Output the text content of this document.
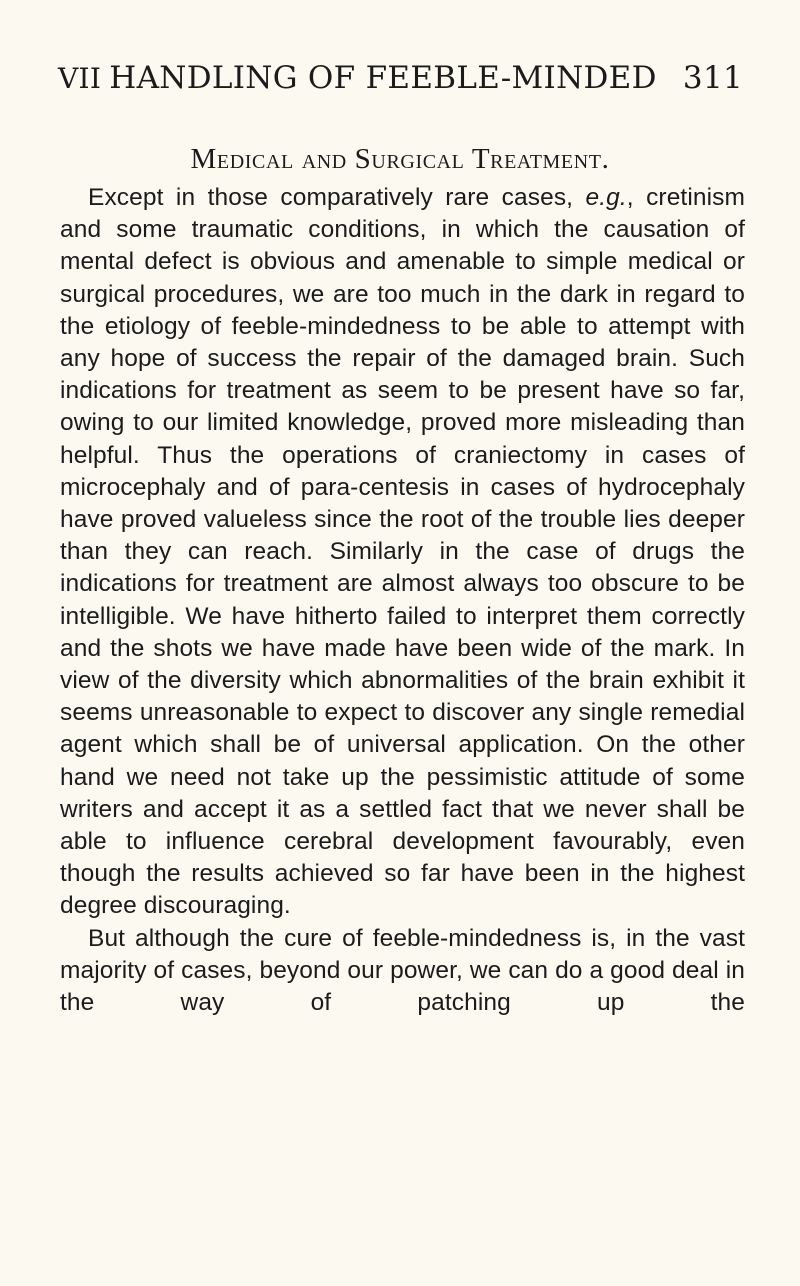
VII HANDLING OF FEEBLE-MINDED 311
Medical and Surgical Treatment.

Except in those comparatively rare cases, e.g., cretinism and some traumatic conditions, in which the causation of mental defect is obvious and amenable to simple medical or surgical procedures, we are too much in the dark in regard to the etiology of feeble-mindedness to be able to attempt with any hope of success the repair of the damaged brain. Such indications for treatment as seem to be present have so far, owing to our limited knowledge, proved more misleading than helpful. Thus the operations of craniectomy in cases of microcephaly and of para-centesis in cases of hydrocephaly have proved valueless since the root of the trouble lies deeper than they can reach. Similarly in the case of drugs the indications for treatment are almost always too obscure to be intelligible. We have hitherto failed to interpret them correctly and the shots we have made have been wide of the mark. In view of the diversity which abnormalities of the brain exhibit it seems unreasonable to expect to discover any single remedial agent which shall be of universal application. On the other hand we need not take up the pessimistic attitude of some writers and accept it as a settled fact that we never shall be able to influence cerebral development favourably, even though the results achieved so far have been in the highest degree discouraging.

But although the cure of feeble-mindedness is, in the vast majority of cases, beyond our power, we can do a good deal in the way of patching up the
